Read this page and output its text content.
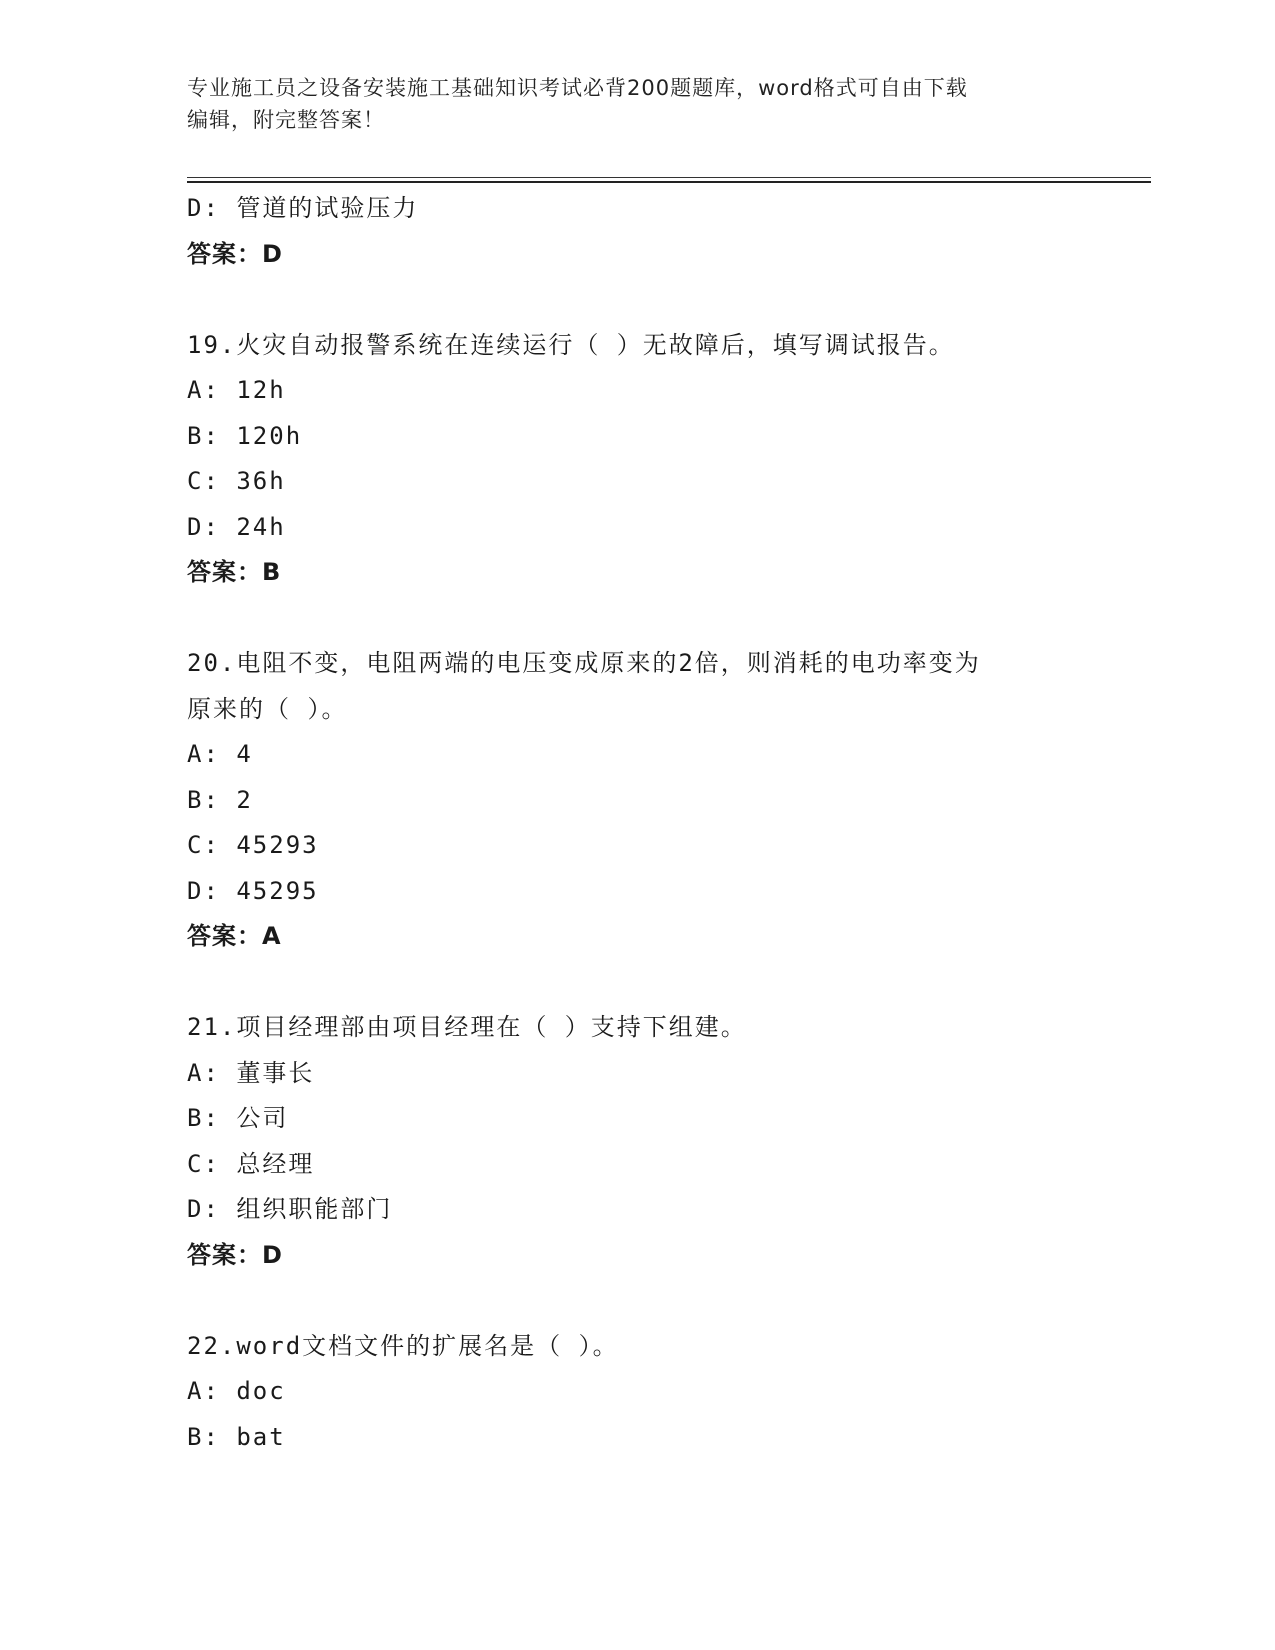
专业施工员之设备安装施工基础知识考试必背200题题库，word格式可自由下载
编辑，附完整答案！
D: 管道的试验压力
答案：D
19.火灾自动报警系统在连续运行（ ）无故障后，填写调试报告。
A: 12h
B: 120h
C: 36h
D: 24h
答案：B
20.电阻不变，电阻两端的电压变成原来的2倍，则消耗的电功率变为
原来的（ ）。
A: 4
B: 2
C: 45293
D: 45295
答案：A
21.项目经理部由项目经理在（ ）支持下组建。
A: 董事长
B: 公司
C: 总经理
D: 组织职能部门
答案：D
22.word文档文件的扩展名是（ ）。
A: doc
B: bat
